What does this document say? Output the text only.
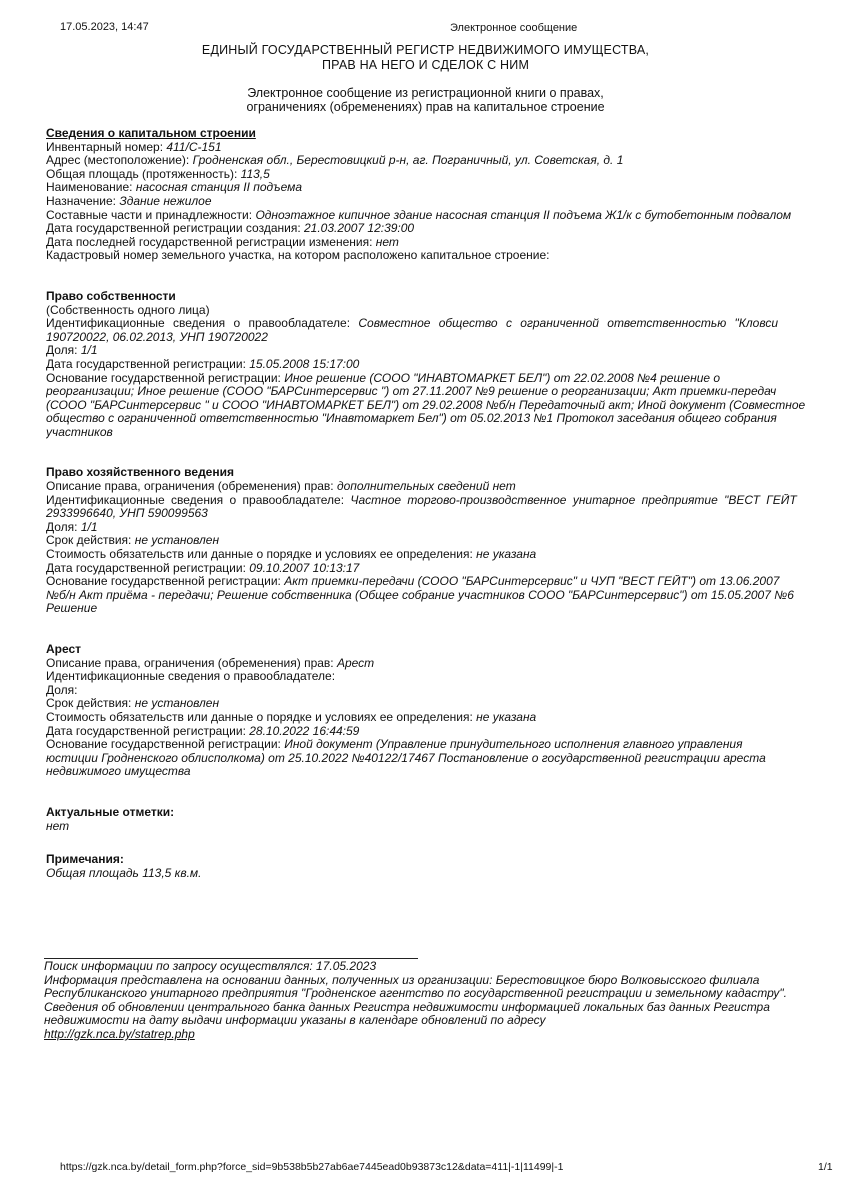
17.05.2023, 14:47	Электронное сообщение
ЕДИНЫЙ ГОСУДАРСТВЕННЫЙ РЕГИСТР НЕДВИЖИМОГО ИМУЩЕСТВА,
ПРАВ НА НЕГО И СДЕЛОК С НИМ
Электронное сообщение из регистрационной книги о правах,
ограничениях (обременениях) прав на капитальное строение
Сведения о капитальном строении
Инвентарный номер: 411/C-151
Адрес (местоположение): Гродненская обл., Берестовицкий р-н, аг. Пограничный, ул. Советская, д. 1
Общая площадь (протяженность): 113,5
Наименование: насосная станция II подъема
Назначение: Здание нежилое
Составные части и принадлежности: Одноэтажное кипичное здание насосная станция II подъема Ж1/к с бутобетонным подвалом
Дата государственной регистрации создания: 21.03.2007 12:39:00
Дата последней государственной регистрации изменения: нет
Кадастровый номер земельного участка, на котором расположено капитальное строение:
Право собственности
(Собственность одного лица)
Идентификационные сведения о правообладателе: Совместное общество с ограниченной ответственностью "Кловси
190720022, 06.02.2013, УНП 190720022
Доля: 1/1
Дата государственной регистрации: 15.05.2008 15:17:00
Основание государственной регистрации: Иное решение (СООО "ИНАВТОМАРКЕТ БЕЛ") от 22.02.2008 №4 решение о
реорганизации; Иное решение (СООО "БАРСинтерсервис ") от 27.11.2007 №9 решение о реорганизации; Акт приемки-передач
(СООО "БАРСинтерсервис " и СООО "ИНАВТОМАРКЕТ БЕЛ") от 29.02.2008 №б/н Передаточный акт; Иной документ (Совместное
общество с ограниченной ответственностью "Инавтомаркет Бел") от 05.02.2013 №1 Протокол заседания общего собрания
участников
Право хозяйственного ведения
Описание права, ограничения (обременения) прав: дополнительных сведений нет
Идентификационные сведения о правообладателе: Частное торгово-производственное унитарное предприятие "ВЕСТ ГЕЙТ
2933996640, УНП 590099563
Доля: 1/1
Срок действия: не установлен
Стоимость обязательств или данные о порядке и условиях ее определения: не указана
Дата государственной регистрации: 09.10.2007 10:13:17
Основание государственной регистрации: Акт приемки-передачи (СООО "БАРСинтерсервис" и ЧУП "ВЕСТ ГЕЙТ") от 13.06.2007
№б/н Акт приёма - передачи; Решение собственника (Общее собрание участников СООО "БАРСинтерсервис") от 15.05.2007 №6
Решение
Арест
Описание права, ограничения (обременения) прав: Арест
Идентификационные сведения о правообладателе:
Доля:
Срок действия: не установлен
Стоимость обязательств или данные о порядке и условиях ее определения: не указана
Дата государственной регистрации: 28.10.2022 16:44:59
Основание государственной регистрации: Иной документ (Управление принудительного исполнения главного управления
юстиции Гродненского облисполкома) от 25.10.2022 №40122/17467 Постановление о государственной регистрации ареста
недвижимого имущества
Актуальные отметки:
нет
Примечания:
Общая площадь 113,5 кв.м.
Поиск информации по запросу осуществлялся: 17.05.2023
Информация представлена на основании данных, полученных из организации: Берестовицкое бюро Волковысского филиала
Республиканского унитарного предприятия "Гродненское агентство по государственной регистрации и земельному кадастру".
Сведения об обновлении центрального банка данных Регистра недвижимости информацией локальных баз данных Регистра
недвижимости на дату выдачи информации указаны в календаре обновлений по адресу
http://gzk.nca.by/statrep.php
https://gzk.nca.by/detail_form.php?force_sid=9b538b5b27ab6ae7445ead0b93873c12&data=411|-1|11499|-1	1/1
